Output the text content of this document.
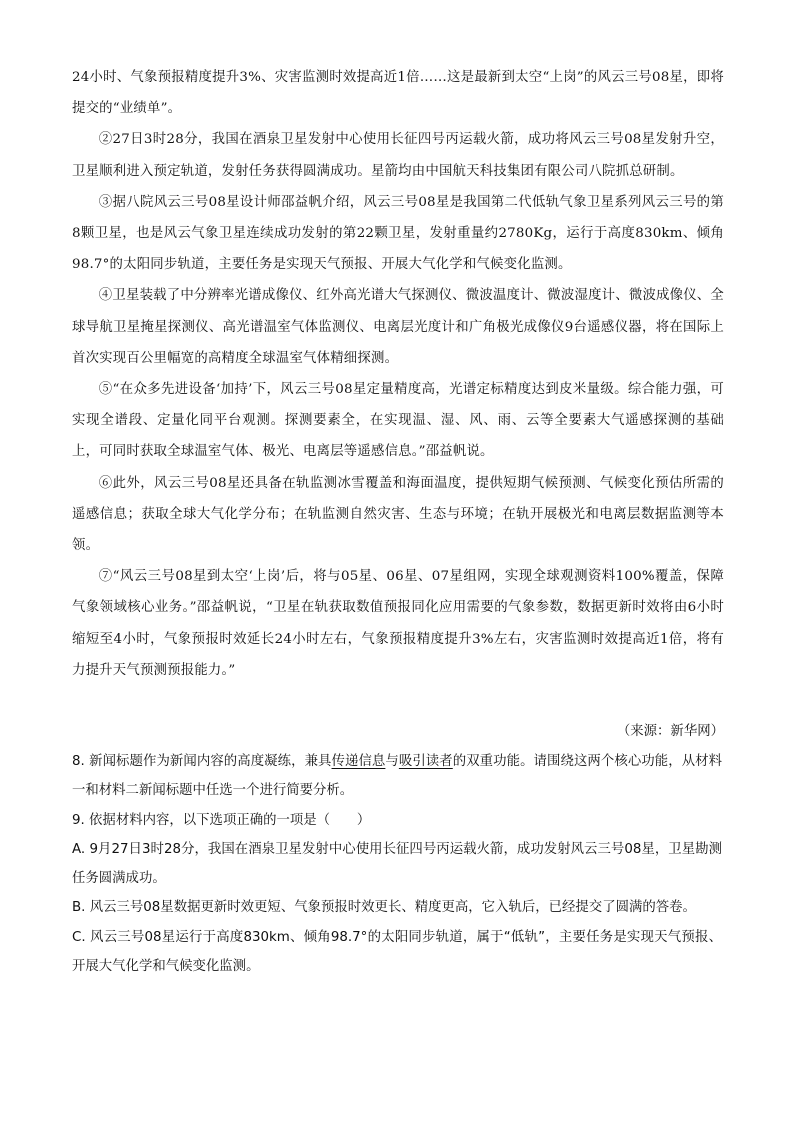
24小时、气象预报精度提升3%、灾害监测时效提高近1倍……这是最新到太空“上岗”的风云三号08星，即将提交的“业绩单”。

②27日3时28分，我国在酒泉卫星发射中心使用长征四号丙运载火箭，成功将风云三号08星发射升空，卫星顺利进入预定轨道，发射任务获得圆满成功。星箭均由中国航天科技集团有限公司八院抓总研制。

③据八院风云三号08星设计师邵益帆介绍，风云三号08星是我国第二代低轨气象卫星系列风云三号的第8颗卫星，也是风云气象卫星连续成功发射的第22颗卫星，发射重量约2780Kg，运行于高度830km、倾角98.7°的太阳同步轨道，主要任务是实现天气预报、开展大气化学和气候变化监测。

④卫星装载了中分辨率光谱成像仪、红外高光谱大气探测仪、微波温度计、微波湿度计、微波成像仪、全球导航卫星掩星探测仪、高光谱温室气体监测仪、电离层光度计和广角极光成像仪9台遥感仪器，将在国际上首次实现百公里幅宽的高精度全球温室气体精细探测。

⑤“在众多先进设备‘加持’下，风云三号08星定量精度高，光谱定标精度达到皮米量级。综合能力强，可实现全谱段、定量化同平台观测。探测要素全，在实现温、湿、风、雨、云等全要素大气遥感探测的基础上，可同时获取全球温室气体、极光、电离层等遥感信息。”邵益帆说。

⑥此外，风云三号08星还具备在轨监测冰雪覆盖和海面温度，提供短期气候预测、气候变化预估所需的遥感信息；获取全球大气化学分布；在轨监测自然灾害、生态与环境；在轨开展极光和电离层数据监测等本领。

⑦“风云三号08星到太空‘上岗’后，将与05星、06星、07星组网，实现全球观测资料100%覆盖，保障气象领域核心业务。”邵益帆说，“卫星在轨获取数值预报同化应用需要的气象参数，数据更新时效将由6小时缩短至4小时，气象预报时效延长24小时左右，气象预报精度提升3%左右，灾害监测时效提高近1倍，将有力提升天气预测预报能力。”

（来源：新华网）

8. 新闻标题作为新闻内容的高度凝练，兼具传递信息与吸引读者的双重功能。请围绕这两个核心功能，从材料一和材料二新闻标题中任选一个进行简要分析。

9. 依据材料内容，以下选项正确的一项是（　　）

A. 9月27日3时28分，我国在酒泉卫星发射中心使用长征四号丙运载火箭，成功发射风云三号08星，卫星勘测任务圆满成功。

B. 风云三号08星数据更新时效更短、气象预报时效更长、精度更高，它入轨后，已经提交了圆满的答卷。

C. 风云三号08星运行于高度830km、倾角98.7°的太阳同步轨道，属于“低轨”，主要任务是实现天气预报、开展大气化学和气候变化监测。
